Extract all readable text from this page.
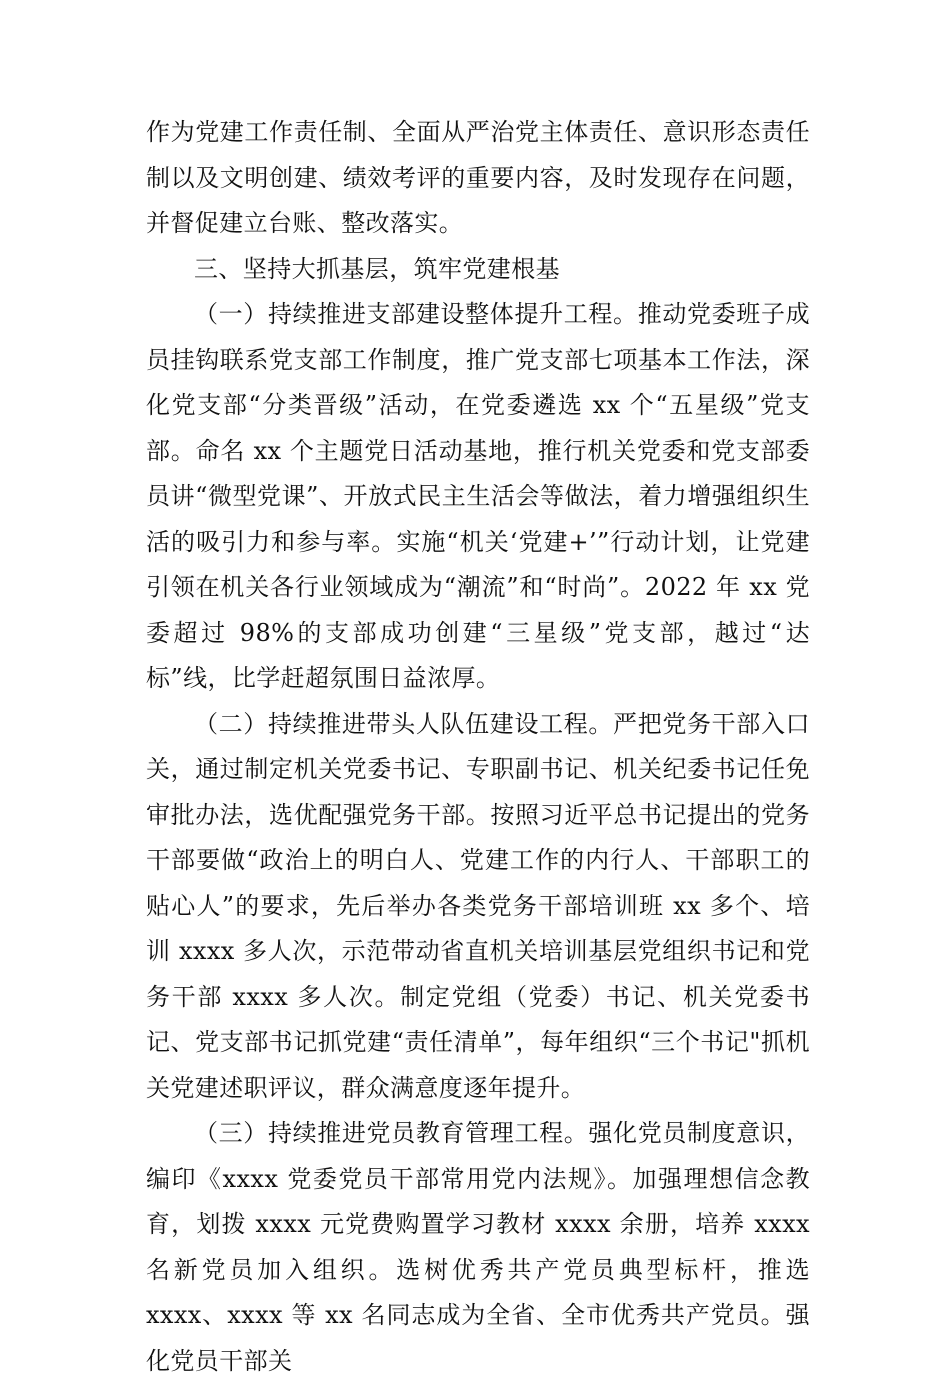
作为党建工作责任制、全面从严治党主体责任、意识形态责任制以及文明创建、绩效考评的重要内容，及时发现存在问题，并督促建立台账、整改落实。

三、坚持大抓基层，筑牢党建根基

（一）持续推进支部建设整体提升工程。推动党委班子成员挂钩联系党支部工作制度，推广党支部七项基本工作法，深化党支部“分类晋级”活动，在党委遴选 xx 个“五星级”党支部。命名 xx 个主题党日活动基地，推行机关党委和党支部委员讲“微型党课”、开放式民主生活会等做法，着力增强组织生活的吸引力和参与率。实施“机关‘党建+’”行动计划，让党建引领在机关各行业领域成为“潮流”和“时尚”。2022 年 xx 党委超过 98%的支部成功创建“三星级”党支部，越过“达标”线，比学赶超氛围日益浓厚。

（二）持续推进带头人队伍建设工程。严把党务干部入口关，通过制定机关党委书记、专职副书记、机关纪委书记任免审批办法，选优配强党务干部。按照习近平总书记提出的党务干部要做“政治上的明白人、党建工作的内行人、干部职工的贴心人”的要求，先后举办各类党务干部培训班 xx 多个、培训 xxxx 多人次，示范带动省直机关培训基层党组织书记和党务干部 xxxx 多人次。制定党组（党委）书记、机关党委书记、党支部书记抓党建“责任清单”，每年组织“三个书记"抓机关党建述职评议，群众满意度逐年提升。

（三）持续推进党员教育管理工程。强化党员制度意识，编印《xxxx 党委党员干部常用党内法规》。加强理想信念教育，划拨 xxxx 元党费购置学习教材 xxxx 余册，培养 xxxx 名新党员加入组织。选树优秀共产党员典型标杆，推选 xxxx、xxxx 等 xx 名同志成为全省、全市优秀共产党员。强化党员干部关
